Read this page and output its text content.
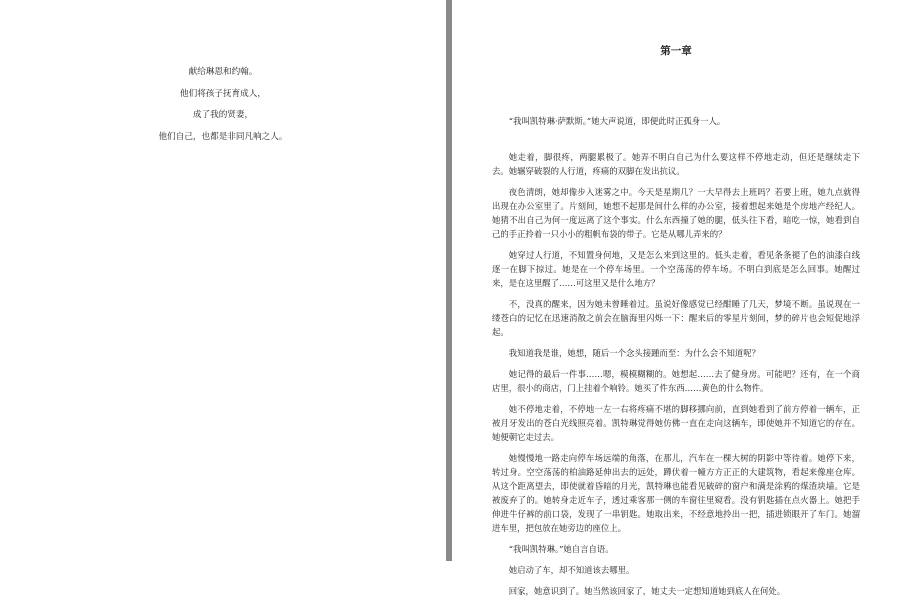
献给琳恩和约翰。

他们将孩子抚育成人，

成了我的贤妻，

他们自己，也都是非同凡响之人。

第一章

“我叫凯特琳·萨默斯。”她大声说道，即便此时正孤身一人。

她走着，脚很疼，两腿累极了。她弄不明白自己为什么要这样不停地走动，但还是继续走下去。她辗穿破裂的人行道，疼痛的双脚在发出抗议。

夜色清朗，她却像步入迷雾之中。今天是星期几？一大早得去上班吗？若要上班，她九点就得出现在办公室里了。片刻间，她想不起那是间什么样的办公室，接着想起来她是个房地产经纪人。她猜不出自己为何一度远离了这个事实。什么东西撞了她的腿，低头往下看，暗吃一惊，她看到自己的手正拎着一只小小的粗帆布袋的带子。它是从哪儿弄来的？

她穿过人行道，不知置身何地，又是怎么来到这里的。低头走着，看见条条褪了色的油漆白线逐一在脚下掠过。她是在一个停车场里。一个空荡荡的停车场。不明白到底是怎么回事。她醒过来，是在这里醒了……可这里又是什么地方？

不，没真的醒来，因为她未曾睡着过。虽说好像感觉已经酣睡了几天，梦境不断。虽说现在一缕苍白的记忆在迅速消散之前会在脑海里闪烁一下：醒来后的零星片刻间，梦的碎片也会短促地浮起。

我知道我是谁，她想，随后一个念头接踵而至：为什么会不知道呢？

她记得的最后一件事……嗯，模模糊糊的。她想起……去了健身房。可能吧？还有，在一个商店里，很小的商店，门上挂着个响铃。她买了件东西……黄色的什么物件。

她不停地走着，不停地一左一右将疼痛不堪的脚移挪向前，直到她看到了前方停着一辆车，正被月牙发出的苍白光线照亮着。凯特琳觉得她仿佛一直在走向这辆车，即使她并不知道它的存在。她便朝它走过去。

她慢慢地一路走向停车场远端的角落，在那儿，汽车在一棵大树的阴影中等待着。她停下来，转过身。空空荡荡的柏油路延伸出去的远处，蹲伏着一幢方方正正的大建筑物，看起来像座仓库。从这个距离望去，即使就着昏暗的月光，凯特琳也能看见破碎的窗户和满是涂鸦的煤渣块墙。它是被废弃了的。她转身走近车子，透过乘客那一侧的车窗往里窥看。没有钥匙插在点火器上。她把手伸进牛仔裤的前口袋，发现了一串钥匙。她取出来，不经意地拎出一把，插进锁眼开了车门。她溜进车里，把包放在她旁边的座位上。

“我叫凯特琳。”她自言自语。

她启动了车，却不知道该去哪里。

回家，她意识到了。她当然该回家了，她丈夫一定想知道她到底人在何处。
